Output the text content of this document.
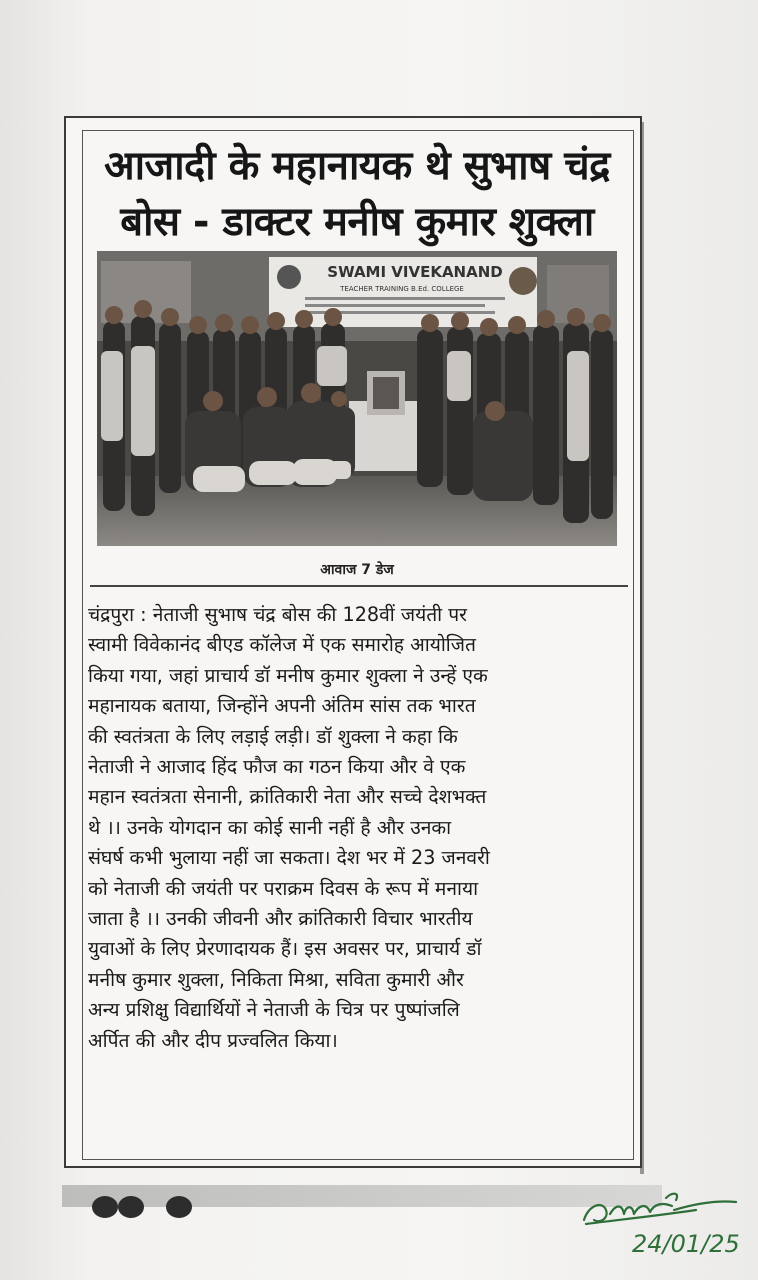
आजादी के महानायक थे सुभाष चंद्र बोस - डाक्टर मनीष कुमार शुक्ला
SWAMI VIVEKANAND
TEACHER TRAINING B.Ed. COLLEGE
आवाज 7 डेज
चंद्रपुरा : नेताजी सुभाष चंद्र बोस की 128वीं जयंती पर
स्वामी विवेकानंद बीएड कॉलेज में एक समारोह आयोजित
किया गया, जहां प्राचार्य डॉ मनीष कुमार शुक्ला ने उन्हें एक
महानायक बताया, जिन्होंने अपनी अंतिम सांस तक भारत
की स्वतंत्रता के लिए लड़ाई लड़ी। डॉ शुक्ला ने कहा कि
नेताजी ने आजाद हिंद फौज का गठन किया और वे एक
महान स्वतंत्रता सेनानी, क्रांतिकारी नेता और सच्चे देशभक्त
थे ।। उनके योगदान का कोई सानी नहीं है और उनका
संघर्ष कभी भुलाया नहीं जा सकता। देश भर में 23 जनवरी
को नेताजी की जयंती पर पराक्रम दिवस के रूप में मनाया
जाता है ।। उनकी जीवनी और क्रांतिकारी विचार भारतीय
युवाओं के लिए प्रेरणादायक हैं। इस अवसर पर, प्राचार्य डॉ
मनीष कुमार शुक्ला, निकिता मिश्रा, सविता कुमारी और
अन्य प्रशिक्षु विद्यार्थियों ने नेताजी के चित्र पर पुष्पांजलि
अर्पित की और दीप प्रज्वलित किया।
24/01/25
